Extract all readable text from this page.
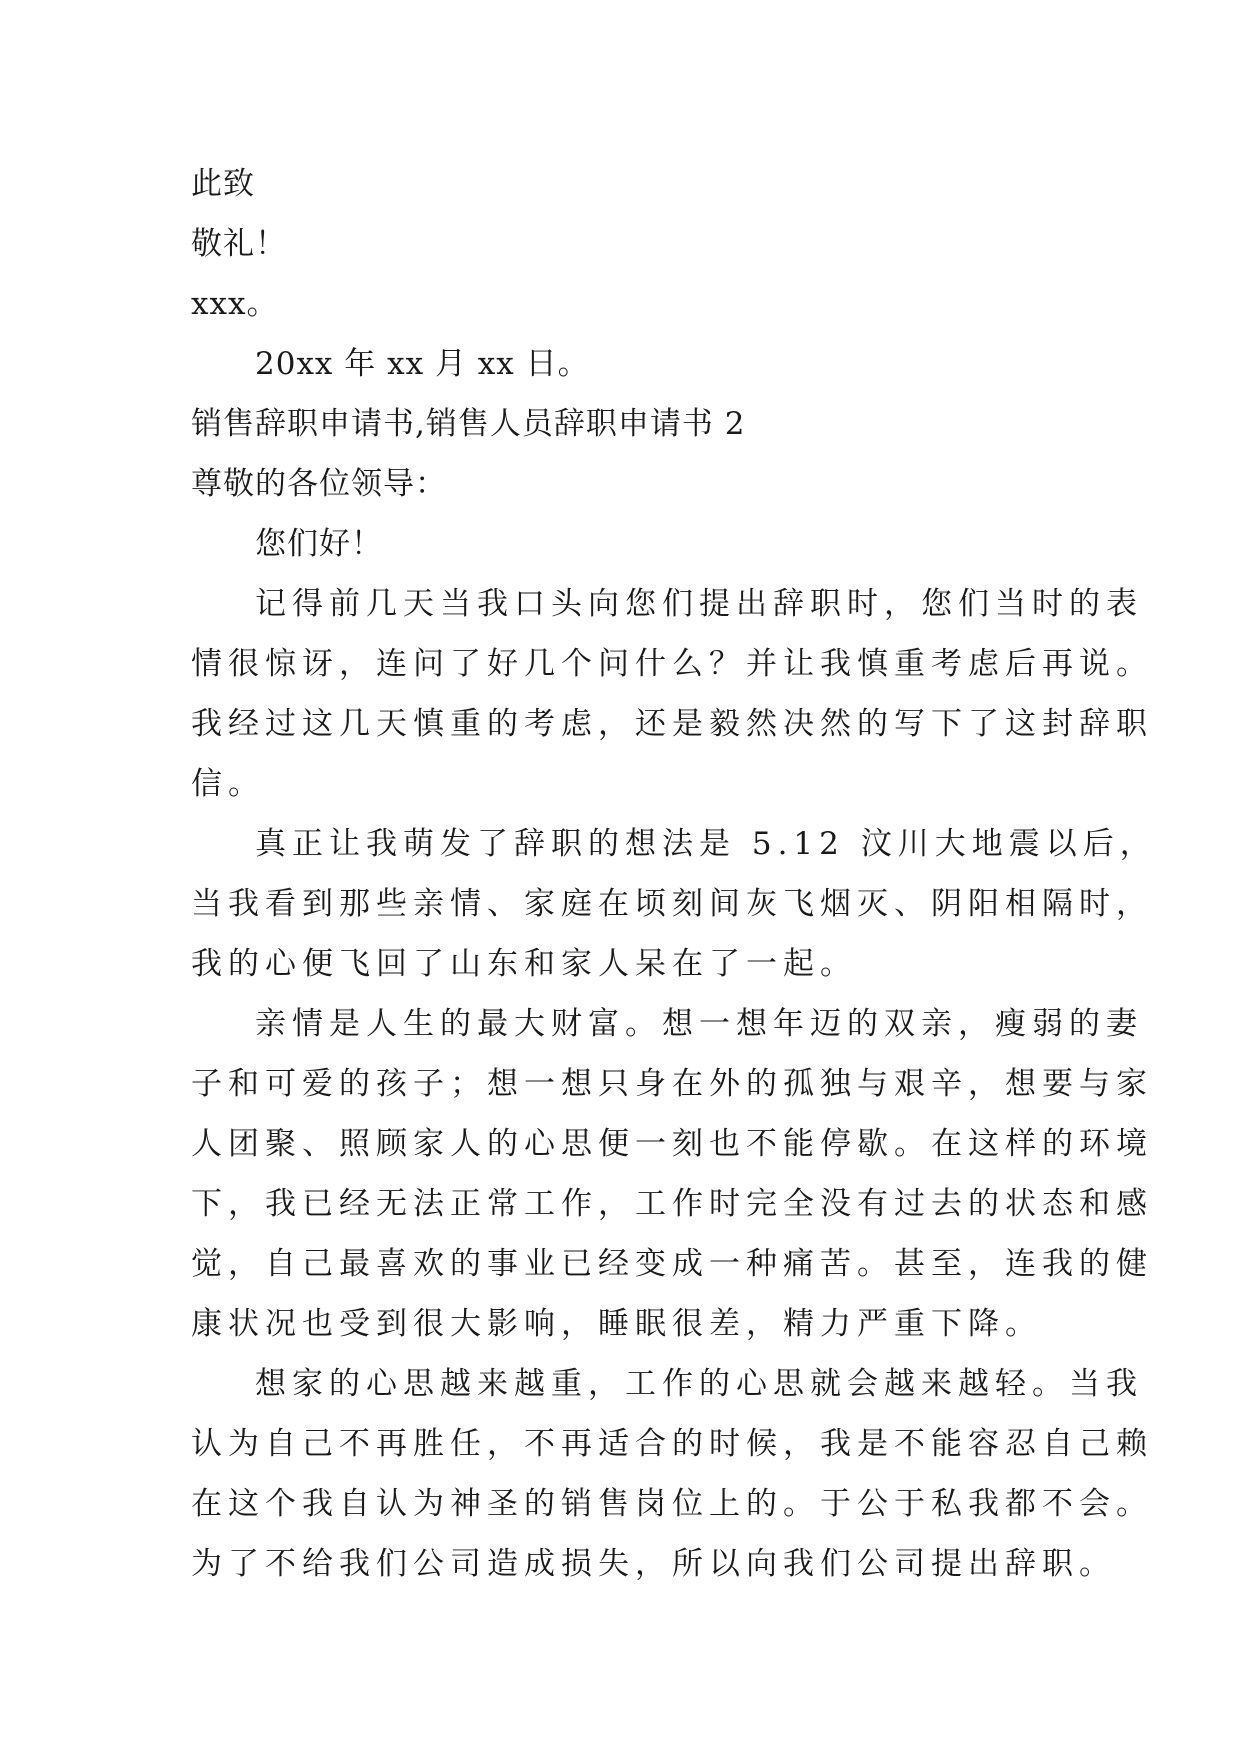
此致

敬礼！

xxx。

20xx 年 xx 月 xx 日。

销售辞职申请书,销售人员辞职申请书 2

尊敬的各位领导：

您们好！

记得前几天当我口头向您们提出辞职时，您们当时的表
情很惊讶，连问了好几个问什么？并让我慎重考虑后再说。
我经过这几天慎重的考虑，还是毅然决然的写下了这封辞职
信。
真正让我萌发了辞职的想法是 5.12 汶川大地震以后，
当我看到那些亲情、家庭在顷刻间灰飞烟灭、阴阳相隔时，
我的心便飞回了山东和家人呆在了一起。
亲情是人生的最大财富。想一想年迈的双亲，瘦弱的妻
子和可爱的孩子；想一想只身在外的孤独与艰辛，想要与家
人团聚、照顾家人的心思便一刻也不能停歇。在这样的环境
下，我已经无法正常工作，工作时完全没有过去的状态和感
觉，自己最喜欢的事业已经变成一种痛苦。甚至，连我的健
康状况也受到很大影响，睡眠很差，精力严重下降。
想家的心思越来越重，工作的心思就会越来越轻。当我
认为自己不再胜任，不再适合的时候，我是不能容忍自己赖
在这个我自认为神圣的销售岗位上的。于公于私我都不会。
为了不给我们公司造成损失，所以向我们公司提出辞职。
